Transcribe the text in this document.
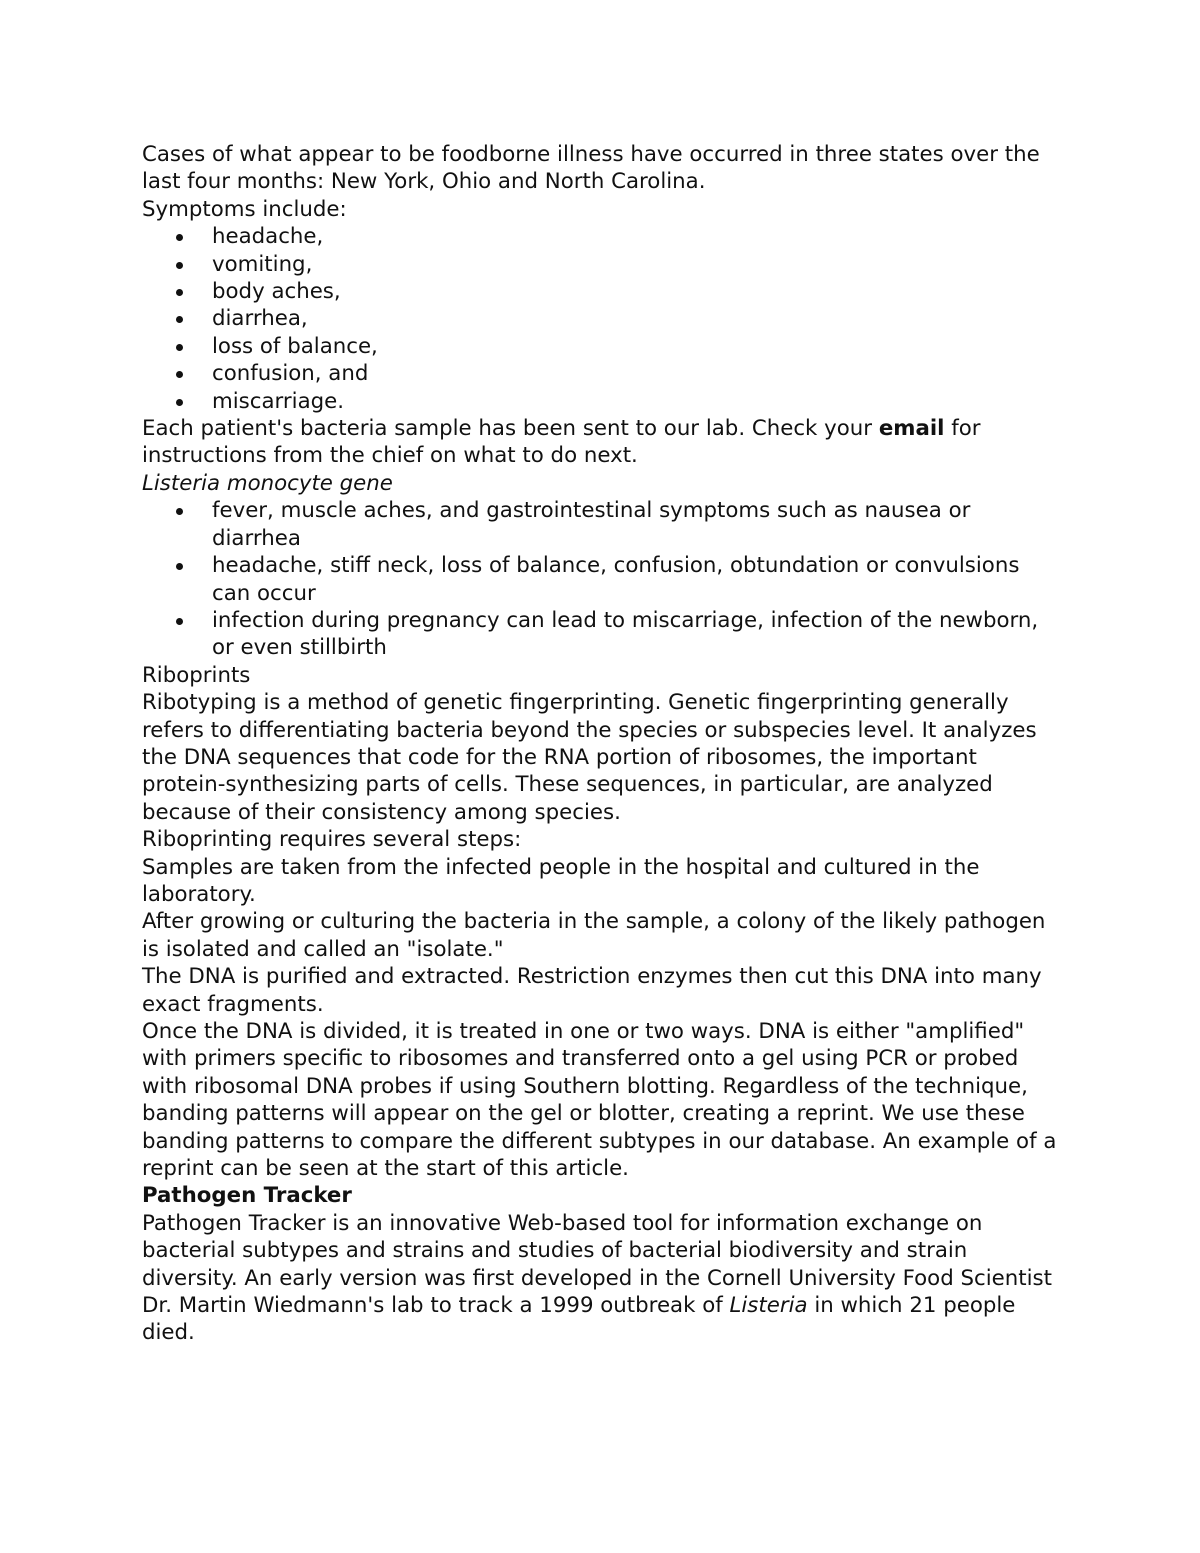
Cases of what appear to be foodborne illness have occurred in three states over the last four months: New York, Ohio and North Carolina.

Symptoms include:

headache,
vomiting,
body aches,
diarrhea,
loss of balance,
confusion, and
miscarriage.

Each patient's bacteria sample has been sent to our lab. Check your email for instructions from the chief on what to do next.

Listeria monocyte gene

fever, muscle aches, and gastrointestinal symptoms such as nausea or diarrhea
headache, stiff neck, loss of balance, confusion, obtundation or convulsions can occur
infection during pregnancy can lead to miscarriage, infection of the newborn, or even stillbirth

Riboprints

Ribotyping is a method of genetic fingerprinting. Genetic fingerprinting generally refers to differentiating bacteria beyond the species or subspecies level. It analyzes the DNA sequences that code for the RNA portion of ribosomes, the important protein-synthesizing parts of cells. These sequences, in particular, are analyzed because of their consistency among species.

Riboprinting requires several steps:

Samples are taken from the infected people in the hospital and cultured in the laboratory.

After growing or culturing the bacteria in the sample, a colony of the likely pathogen is isolated and called an "isolate."

The DNA is purified and extracted. Restriction enzymes then cut this DNA into many exact fragments.

Once the DNA is divided, it is treated in one or two ways. DNA is either "amplified" with primers specific to ribosomes and transferred onto a gel using PCR or probed with ribosomal DNA probes if using Southern blotting. Regardless of the technique, banding patterns will appear on the gel or blotter, creating a reprint. We use these banding patterns to compare the different subtypes in our database. An example of a reprint can be seen at the start of this article.

Pathogen Tracker

Pathogen Tracker is an innovative Web-based tool for information exchange on bacterial subtypes and strains and studies of bacterial biodiversity and strain diversity. An early version was first developed in the Cornell University Food Scientist Dr. Martin Wiedmann's lab to track a 1999 outbreak of Listeria in which 21 people died.
